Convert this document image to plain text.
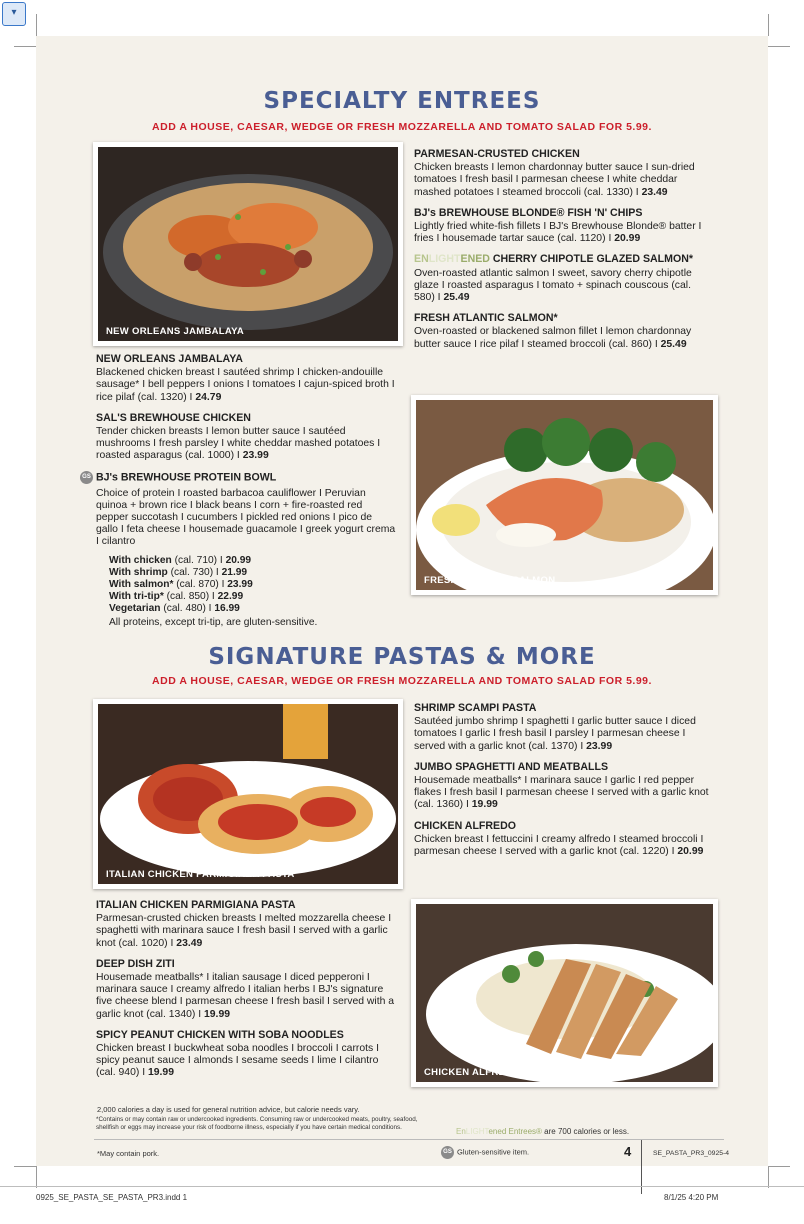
▾
SPECIALTY ENTREES
ADD A HOUSE, CAESAR, WEDGE OR FRESH MOZZARELLA AND TOMATO SALAD FOR 5.99.
NEW ORLEANS JAMBALAYA
NEW ORLEANS JAMBALAYA
Blackened chicken breast I sautéed shrimp I chicken-andouille sausage* I bell peppers I onions I tomatoes I cajun-spiced broth I rice pilaf (cal. 1320) I 24.79
SAL'S BREWHOUSE CHICKEN
Tender chicken breasts I lemon butter sauce I sautéed mushrooms I fresh parsley I white cheddar mashed potatoes I roasted asparagus (cal. 1000) I 23.99
GS BJ's BREWHOUSE PROTEIN BOWL
Choice of protein I roasted barbacoa cauliflower I Peruvian quinoa + brown rice I black beans I corn + fire-roasted red pepper succotash I cucumbers I pickled red onions I pico de gallo I feta cheese I housemade guacamole I greek yogurt crema I cilantro
With chicken (cal. 710) I 20.99
With shrimp (cal. 730) I 21.99
With salmon* (cal. 870) I 23.99
With tri-tip* (cal. 850) I 22.99
Vegetarian (cal. 480) I 16.99
All proteins, except tri-tip, are gluten-sensitive.
PARMESAN-CRUSTED CHICKEN
Chicken breasts I lemon chardonnay butter sauce I sun-dried tomatoes I fresh basil I parmesan cheese I white cheddar mashed potatoes I steamed broccoli (cal. 1330) I 23.49
BJ's BREWHOUSE BLONDE® FISH 'N' CHIPS
Lightly fried white-fish fillets I BJ's Brewhouse Blonde® batter I fries I housemade tartar sauce (cal. 1120) I 20.99
ENLIGHTENED CHERRY CHIPOTLE GLAZED SALMON*
Oven-roasted atlantic salmon I sweet, savory cherry chipotle glaze I roasted asparagus I tomato + spinach couscous (cal. 580) I 25.49
FRESH ATLANTIC SALMON*
Oven-roasted or blackened salmon fillet I lemon chardonnay butter sauce I rice pilaf I steamed broccoli (cal. 860) I 25.49
FRESH ATLANTIC SALMON
SIGNATURE PASTAS & MORE
ADD A HOUSE, CAESAR, WEDGE OR FRESH MOZZARELLA AND TOMATO SALAD FOR 5.99.
ITALIAN CHICKEN PARMIGIANA PASTA
ITALIAN CHICKEN PARMIGIANA PASTA
Parmesan-crusted chicken breasts I melted mozzarella cheese I spaghetti with marinara sauce I fresh basil I served with a garlic knot (cal. 1020) I 23.49
DEEP DISH ZITI
Housemade meatballs* I italian sausage I diced pepperoni I marinara sauce I creamy alfredo I italian herbs I BJ's signature five cheese blend I parmesan cheese I fresh basil I served with a garlic knot (cal. 1340) I 19.99
SPICY PEANUT CHICKEN WITH SOBA NOODLES
Chicken breast I buckwheat soba noodles I broccoli I carrots I spicy peanut sauce I almonds I sesame seeds I lime I cilantro (cal. 940) I 19.99
SHRIMP SCAMPI PASTA
Sautéed jumbo shrimp I spaghetti I garlic butter sauce I diced tomatoes I garlic I fresh basil I parsley I parmesan cheese I served with a garlic knot (cal. 1370) I 23.99
JUMBO SPAGHETTI AND MEATBALLS
Housemade meatballs* I marinara sauce I garlic I red pepper flakes I fresh basil I parmesan cheese I served with a garlic knot (cal. 1360) I 19.99
CHICKEN ALFREDO
Chicken breast I fettuccini I creamy alfredo I steamed broccoli I parmesan cheese I served with a garlic knot (cal. 1220) I 20.99
CHICKEN ALFREDO
2,000 calories a day is used for general nutrition advice, but calorie needs vary.
*Contains or may contain raw or undercooked ingredients. Consuming raw or undercooked meats, poultry, seafood, shellfish or eggs may increase your risk of foodborne illness, especially if you have certain medical conditions.	EnLIGHTened Entrees® are 700 calories or less.
*May contain pork.	GS Gluten-sensitive item.	4	SE_PASTA_PR3_0925-4
0925_SE_PASTA_SE_PASTA_PR3.indd 1	8/1/25 4:20 PM
